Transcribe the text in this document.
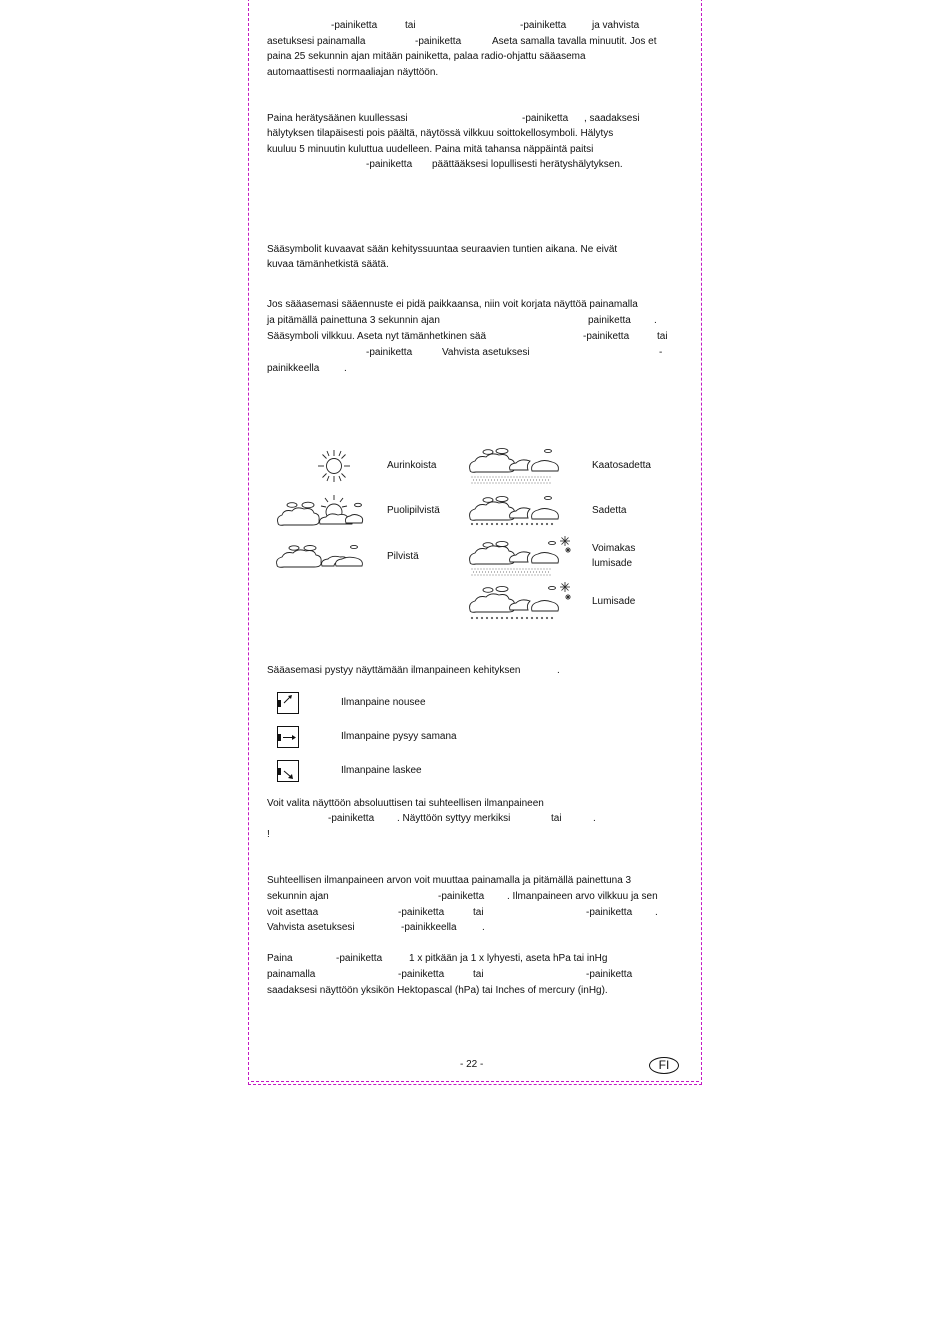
-painiketta	tai	-painiketta	ja vahvista
asetuksesi painamalla	-painiketta	Aseta samalla tavalla minuutit. Jos et
paina 25 sekunnin ajan mitään painiketta, palaa radio-ohjattu sääasema
automaattisesti normaaliajan näyttöön.
Paina herätysäänen kuullessasi	-painiketta , saadaksesi
hälytyksen tilapäisesti pois päältä, näytössä vilkkuu soittokellosymboli. Hälytys
kuuluu 5 minuutin kuluttua uudelleen. Paina mitä tahansa näppäintä paitsi
-painiketta päättääksesi lopullisesti herätyshälytyksen.
Sääsymbolit kuvaavat sään kehityssuuntaa seuraavien tuntien aikana. Ne eivät
kuvaa tämänhetkistä säätä.
Jos sääasemasi sääennuste ei pidä paikkaansa, niin voit korjata näyttöä painamalla
ja pitämällä painettuna 3 sekunnin ajan	painiketta .
Sääsymboli vilkkuu. Aseta nyt tämänhetkinen sää	-painiketta	tai
-painiketta	Vahvista asetuksesi	-
painikkeella .
Aurinkoista
Puolipilvistä
Pilvistä
Kaatosadetta
Sadetta
Voimakas
lumisade
Lumisade
Sääasemasi pystyy näyttämään ilmanpaineen kehityksen	.
Ilmanpaine nousee
Ilmanpaine pysyy samana
Ilmanpaine laskee
Voit valita näyttöön absoluuttisen tai suhteellisen ilmanpaineen
-painiketta . Näyttöön syttyy merkiksi	tai	.
!
Suhteellisen ilmanpaineen arvon voit muuttaa painamalla ja pitämällä painettuna 3
sekunnin ajan	-painiketta . Ilmanpaineen arvo vilkkuu ja sen
voit asettaa	-painiketta	tai	-painiketta .
Vahvista asetuksesi	-painikkeella	.
Paina	-painiketta	1 x pitkään ja 1 x lyhyesti, aseta hPa tai inHg
painamalla	-painiketta	tai	-painiketta
saadaksesi näyttöön yksikön Hektopascal (hPa) tai Inches of mercury (inHg).
- 22 -	FI
